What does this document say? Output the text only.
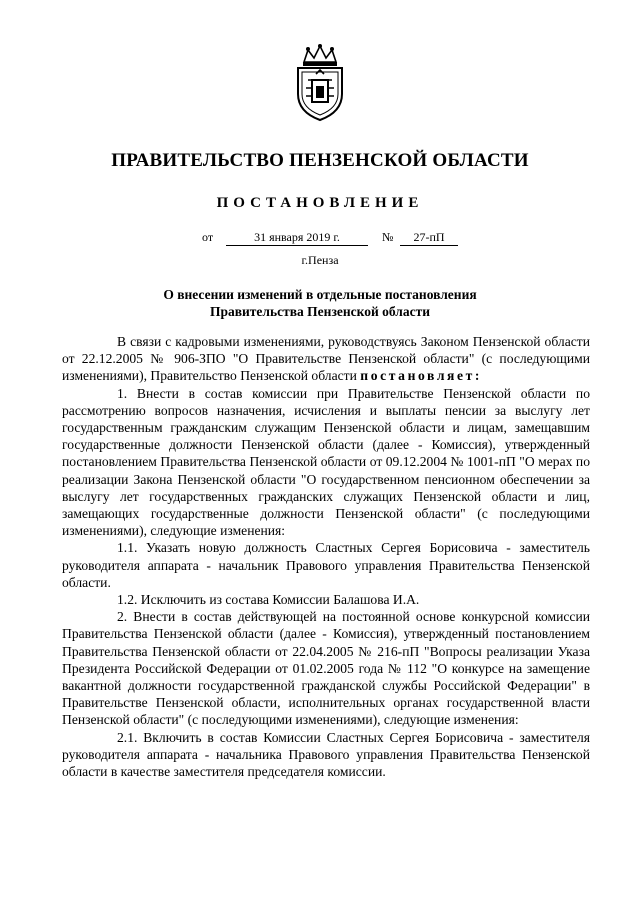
ПРАВИТЕЛЬСТВО ПЕНЗЕНСКОЙ ОБЛАСТИ
ПОСТАНОВЛЕНИЕ
от	31 января 2019 г.	№	27-пП
г.Пенза
О внесении изменений в отдельные постановления
Правительства Пензенской области

В связи с кадровыми изменениями, руководствуясь Законом Пензенской области от 22.12.2005 № 906-ЗПО "О Правительстве Пензенской области" (с последующими изменениями), Правительство Пензенской области постановляет:

1. Внести в состав комиссии при Правительстве Пензенской области по рассмотрению вопросов назначения, исчисления и выплаты пенсии за выслугу лет государственным гражданским служащим Пензенской области и лицам, замещавшим государственные должности Пензенской области (далее - Комиссия), утвержденный постановлением Правительства Пензенской области от 09.12.2004 № 1001-пП "О мерах по реализации Закона Пензенской области "О государственном пенсионном обеспечении за выслугу лет государственных гражданских служащих Пензенской области и лиц, замещающих государственные должности Пензенской области" (с последующими изменениями), следующие изменения:

1.1. Указать новую должность Сластных Сергея Борисовича - заместитель руководителя аппарата - начальник Правового управления Правительства Пензенской области.

1.2. Исключить из состава Комиссии Балашова И.А.

2. Внести в состав действующей на постоянной основе конкурсной комиссии Правительства Пензенской области (далее - Комиссия), утвержденный постановлением Правительства Пензенской области от 22.04.2005 № 216-пП "Вопросы реализации Указа Президента Российской Федерации от 01.02.2005 года № 112 "О конкурсе на замещение вакантной должности государственной гражданской службы Российской Федерации" в Правительстве Пензенской области, исполнительных органах государственной власти Пензенской области" (с последующими изменениями), следующие изменения:

2.1. Включить в состав Комиссии Сластных Сергея Борисовича - заместителя руководителя аппарата - начальника Правового управления Правительства Пензенской области в качестве заместителя председателя комиссии.
